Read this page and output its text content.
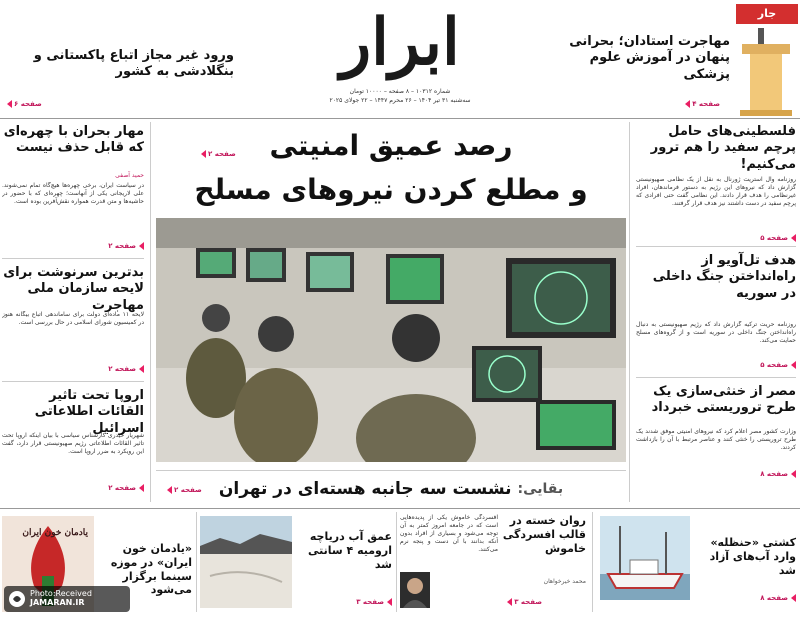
ابرار
شماره ۱۰۳۱۲ – ۸ صفحه – ۱۰۰۰۰ تومان
سه‌شنبه ۳۱ تیر ۱۴۰۴ – ۲۶ محرم ۱۴۴۷ – ۲۲ جولای ۲۰۲۵
جار
مهاجرت استادان؛ بحرانی پنهان در آموزش علوم پزشکی
صفحه ۴
ورود غیر مجاز اتباع پاکستانی و بنگلادشی به کشور
صفحه ۶
فلسطینی‌های حامل پرچم سفید را هم ترور می‌کنیم!
روزنامه وال استریت ژورنال به نقل از یک نظامی صهیونیستی گزارش داد که نیروهای این رژیم به دستور فرماندهان، افراد غیرنظامی را هدف قرار دادند. این نظامی گفت حتی افرادی که پرچم سفید در دست داشتند نیز هدف قرار گرفتند.
صفحه ۵
هدف تل‌آویو از راه‌انداختن جنگ داخلی در سوریه
روزنامه حریت ترکیه گزارش داد که رژیم صهیونیستی به دنبال راه‌انداختن جنگ داخلی در سوریه است و از گروه‌های مسلح حمایت می‌کند.
صفحه ۵
مصر از خنثی‌سازی یک طرح تروریستی خبرداد
وزارت کشور مصر اعلام کرد که نیروهای امنیتی موفق شدند یک طرح تروریستی را خنثی کنند و عناصر مرتبط با آن را بازداشت کردند.
صفحه ۸
مهار بحران با چهره‌ای که قابل حذف نیست
حمید آصفی
در سیاست ایران، برخی چهره‌ها هیچ‌گاه تمام نمی‌شوند. علی لاریجانی یکی از آنهاست؛ چهره‌ای که با حضور در حاشیه‌ها و متن قدرت همواره نقش‌آفرین بوده است.
صفحه ۲
بدترین سرنوشت برای لایحه سازمان ملی مهاجرت
لایحه ۱۱ ماده‌ای دولت برای ساماندهی اتباع بیگانه هنوز در کمیسیون شورای اسلامی در حال بررسی است.
صفحه ۲
اروپا تحت تاثیر القائات اطلاعاتی اسرائیل
شهریار حیدری کارشناس سیاسی با بیان اینکه اروپا تحت تاثیر القائات اطلاعاتی رژیم صهیونیستی قرار دارد، گفت این رویکرد به ضرر اروپا است.
صفحه ۲
رصد عمیق امنیتی
و مطلع کردن نیروهای مسلح
صفحه ۲
بقایی:
نشست سه جانبه هسته‌ای در تهران
صفحه ۲
کشتی «حنظله» وارد آب‌های آزاد شد
صفحه ۸
روان خسته در قالب افسردگی خاموش
محمد خیرخواهان
افسردگی خاموش یکی از پدیده‌هایی است که در جامعه امروز کمتر به آن توجه می‌شود و بسیاری از افراد بدون آنکه بدانند با آن دست و پنجه نرم می‌کنند.
صفحه ۳
عمق آب دریاچه ارومیه ۴ سانتی شد
صفحه ۳
«یادمان خون ایران» در موزه سینما برگزار می‌شود
یادمان خون ایران
Photo:Received
JAMARAN.IR
